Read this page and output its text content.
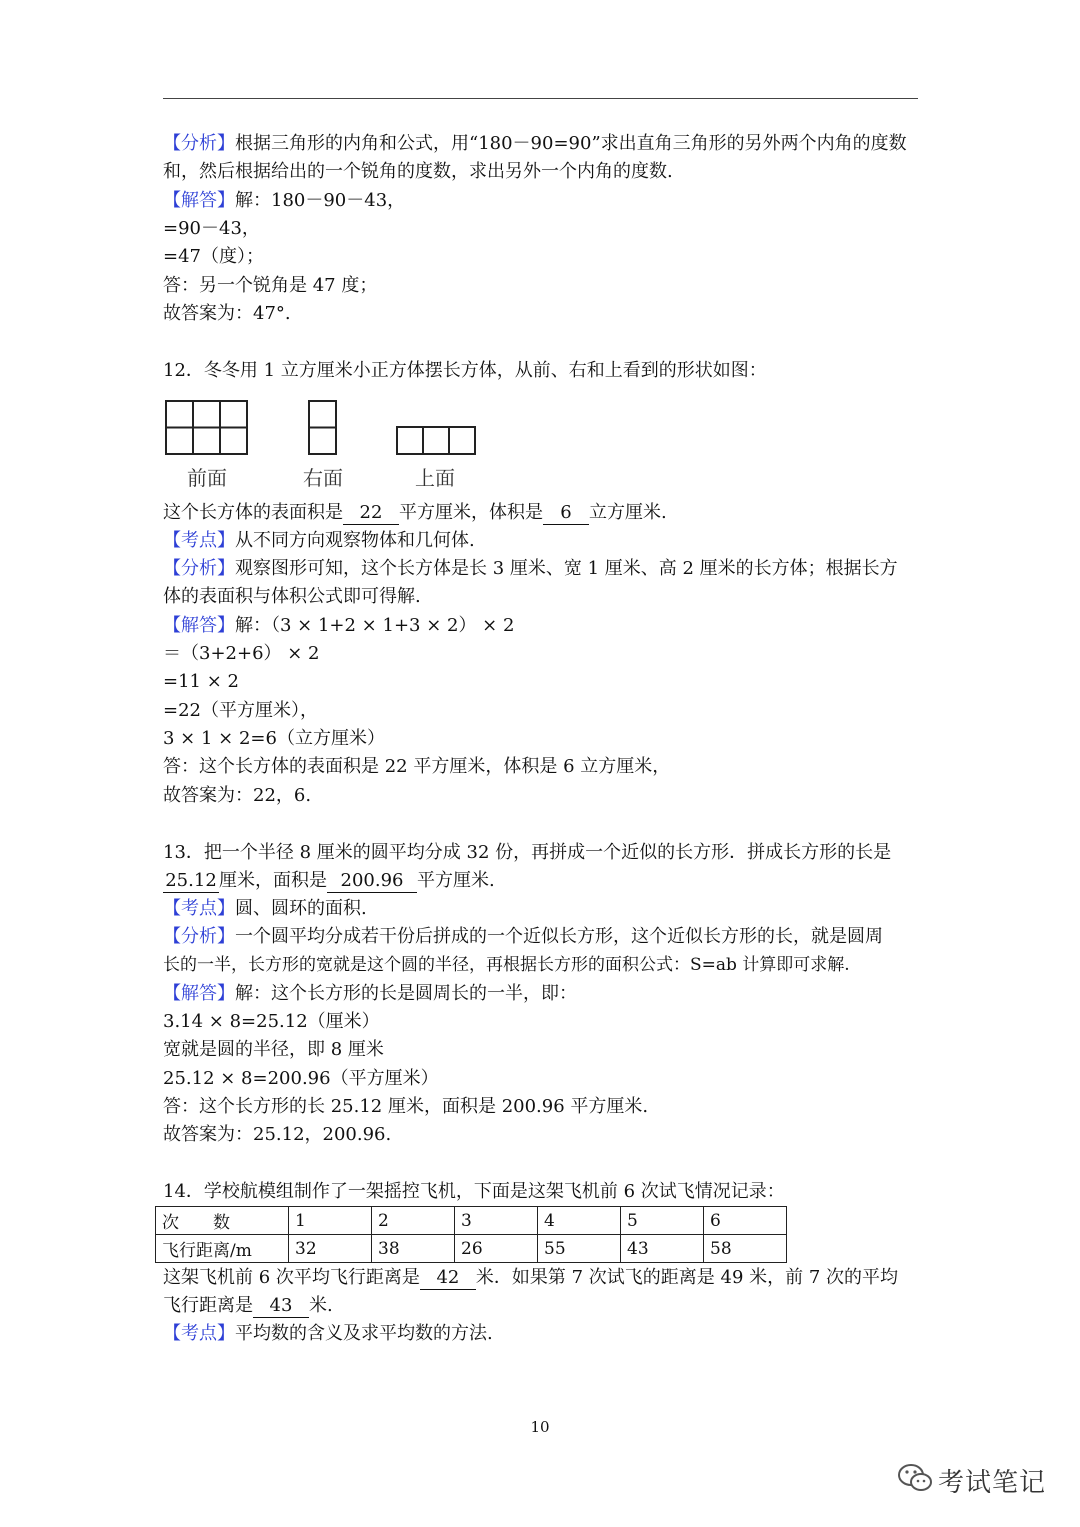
【分析】根据三角形的内角和公式，用“180－90=90”求出直角三角形的另外两个内角的度数
和，然后根据给出的一个锐角的度数，求出另外一个内角的度数.
【解答】解：180－90－43，
=90－43，
=47（度）；
答：另一个锐角是 47 度；
故答案为：47°.
12．冬冬用 1 立方厘米小正方体摆长方体，从前、右和上看到的形状如图：
前面	右面	上面
这个长方体的表面积是 22 平方厘米，体积是 6 立方厘米.
【考点】从不同方向观察物体和几何体.
【分析】观察图形可知，这个长方体是长 3 厘米、宽 1 厘米、高 2 厘米的长方体；根据长方
体的表面积与体积公式即可得解.
【解答】解：（3 × 1+2 × 1+3 × 2） × 2
＝（3+2+6） × 2
=11 × 2
=22（平方厘米），
3 × 1 × 2=6（立方厘米）
答：这个长方体的表面积是 22 平方厘米，体积是 6 立方厘米，
故答案为：22，6.
13．把一个半径 8 厘米的圆平均分成 32 份，再拼成一个近似的长方形．拼成长方形的长是
25.12 厘米，面积是 200.96 平方厘米.
【考点】圆、圆环的面积.
【分析】一个圆平均分成若干份后拼成的一个近似长方形，这个近似长方形的长，就是圆周
长的一半，长方形的宽就是这个圆的半径，再根据长方形的面积公式：S=ab 计算即可求解.
【解答】解：这个长方形的长是圆周长的一半，即：
3.14 × 8=25.12（厘米）
宽就是圆的半径，即 8 厘米
25.12 × 8=200.96（平方厘米）
答：这个长方形的长 25.12 厘米，面积是 200.96 平方厘米.
故答案为：25.12，200.96.
14．学校航模组制作了一架摇控飞机，下面是这架飞机前 6 次试飞情况记录：
次　　数	1	2	3	4	5	6
飞行距离/m	32	38	26	55	43	58
这架飞机前 6 次平均飞行距离是 42 米．如果第 7 次试飞的距离是 49 米，前 7 次的平均
飞行距离是 43 米.
【考点】平均数的含义及求平均数的方法.
10
考试笔记
